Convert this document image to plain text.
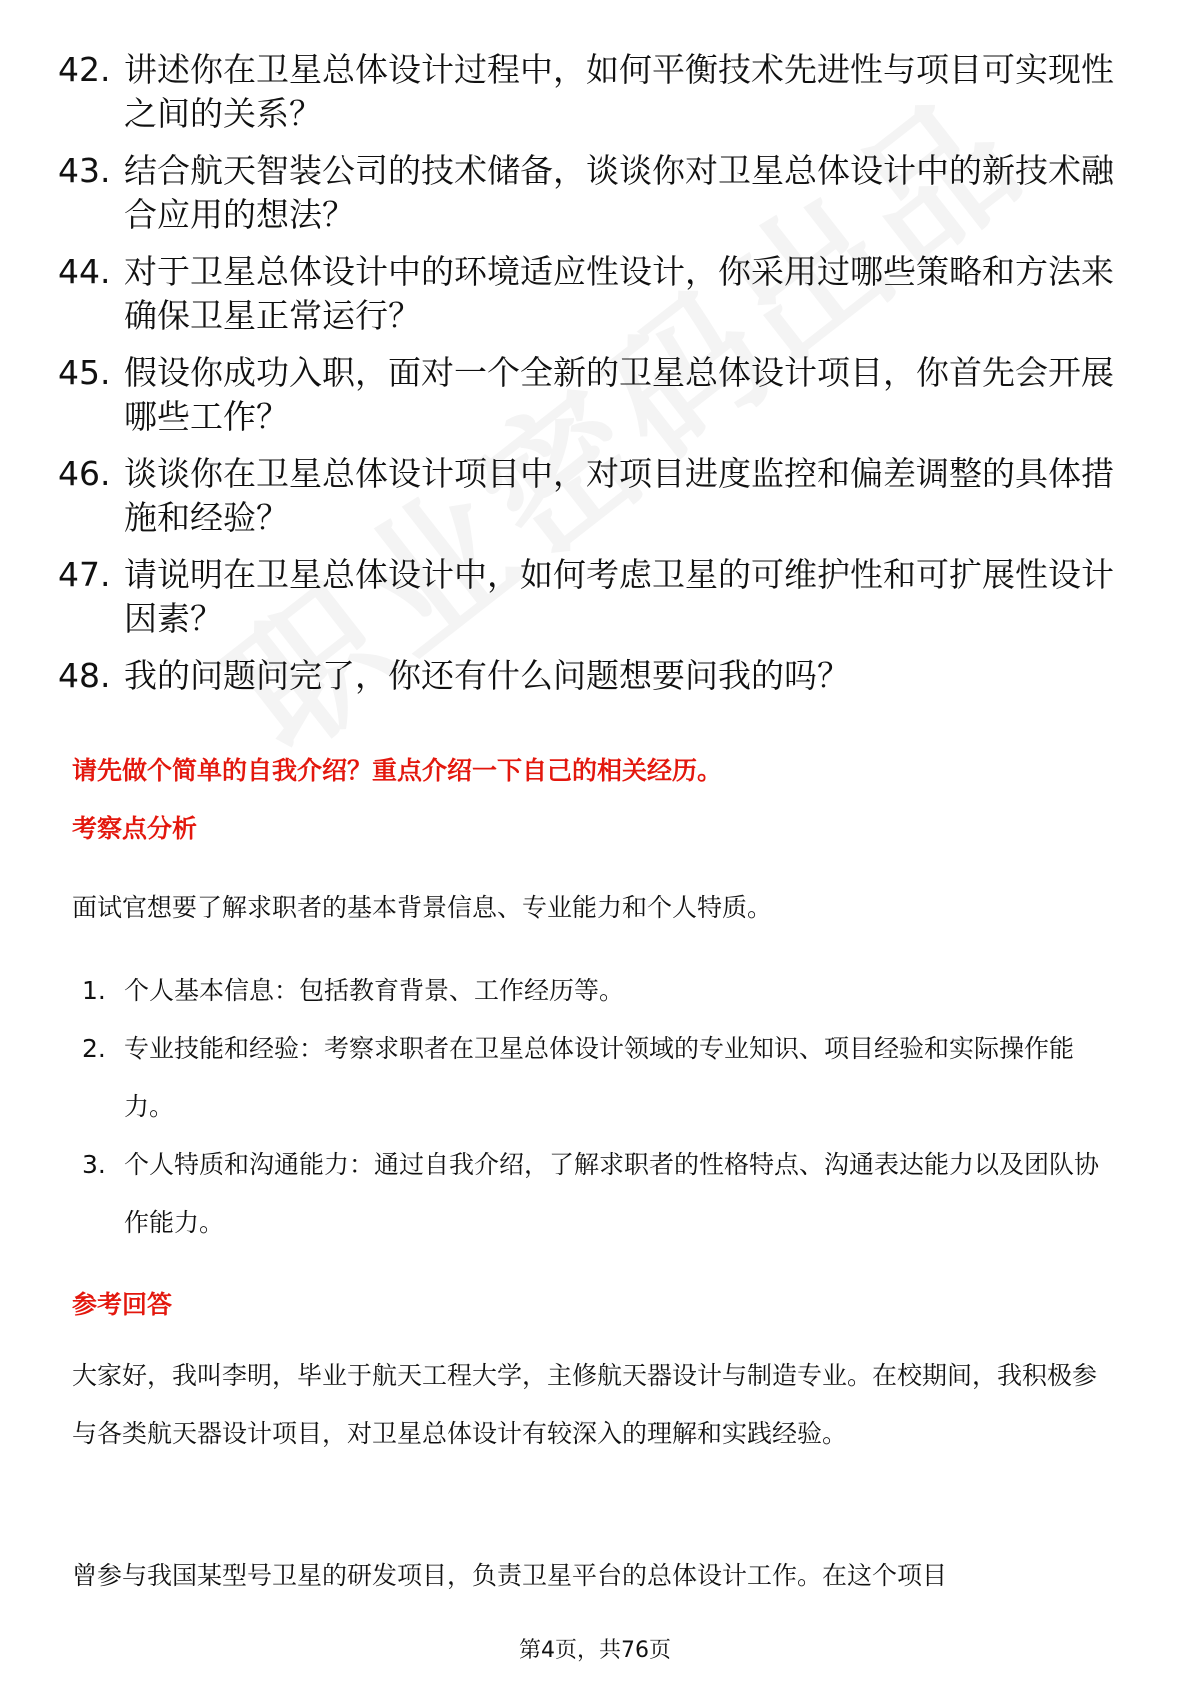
42. 讲述你在卫星总体设计过程中，如何平衡技术先进性与项目可实现性之间的关系？
43. 结合航天智装公司的技术储备，谈谈你对卫星总体设计中的新技术融合应用的想法？
44. 对于卫星总体设计中的环境适应性设计，你采用过哪些策略和方法来确保卫星正常运行？
45. 假设你成功入职，面对一个全新的卫星总体设计项目，你首先会开展哪些工作？
46. 谈谈你在卫星总体设计项目中，对项目进度监控和偏差调整的具体措施和经验？
47. 请说明在卫星总体设计中，如何考虑卫星的可维护性和可扩展性设计因素？
48. 我的问题问完了，你还有什么问题想要问我的吗？
请先做个简单的自我介绍？重点介绍一下自己的相关经历。
考察点分析
面试官想要了解求职者的基本背景信息、专业能力和个人特质。
1. 个人基本信息：包括教育背景、工作经历等。
2. 专业技能和经验：考察求职者在卫星总体设计领域的专业知识、项目经验和实际操作能力。
3. 个人特质和沟通能力：通过自我介绍，了解求职者的性格特点、沟通表达能力以及团队协作能力。
参考回答
大家好，我叫李明，毕业于航天工程大学，主修航天器设计与制造专业。在校期间，我积极参与各类航天器设计项目，对卫星总体设计有较深入的理解和实践经验。
曾参与我国某型号卫星的研发项目，负责卫星平台的总体设计工作。在这个项目
第4页，共76页
